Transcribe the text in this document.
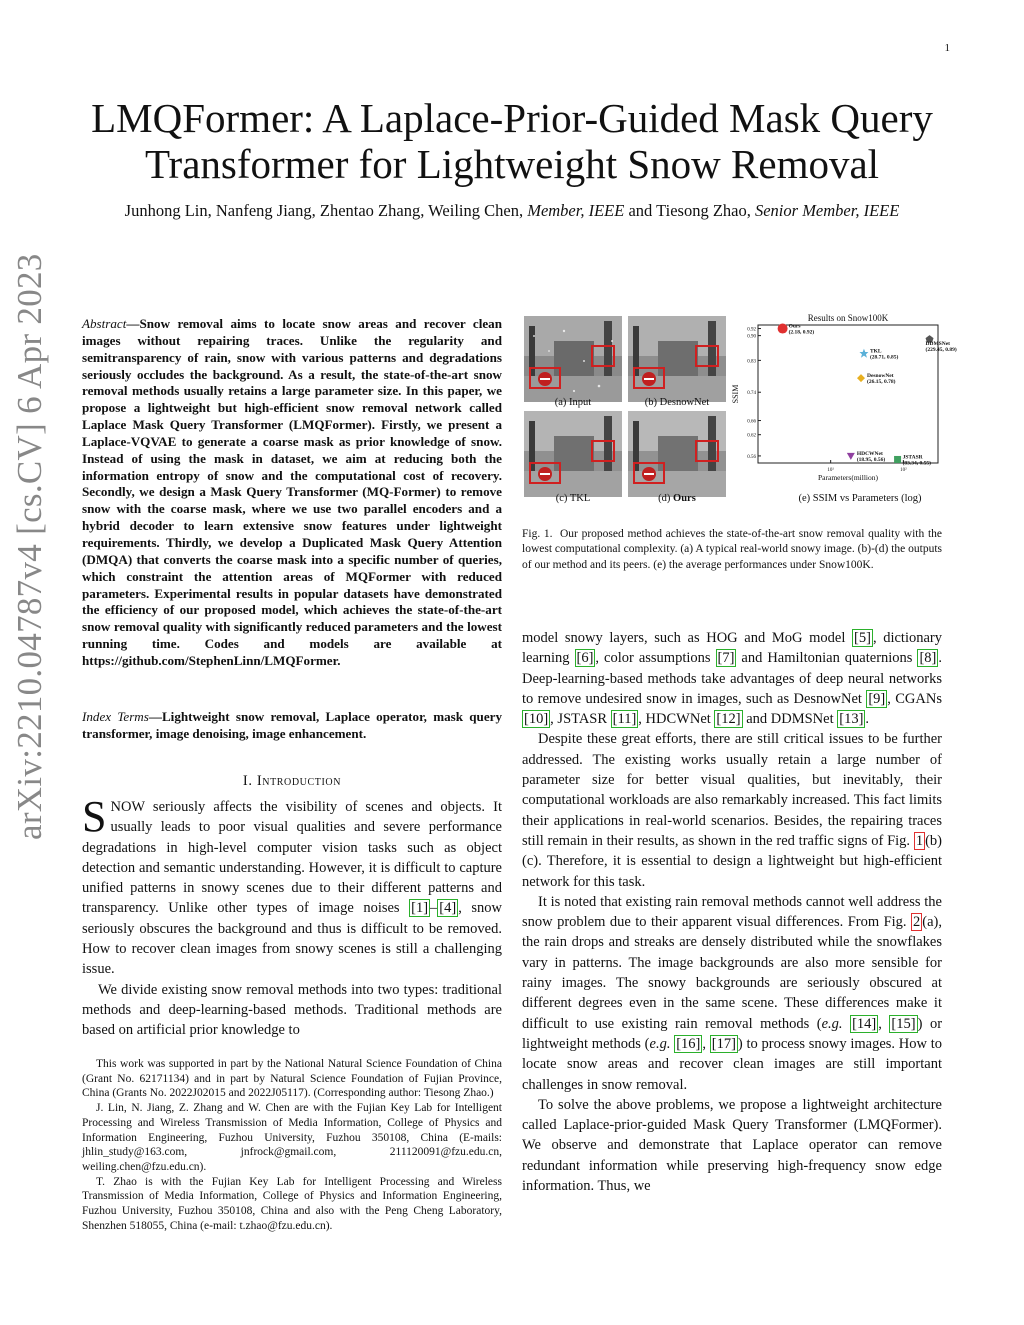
1
arXiv:2210.04787v4 [cs.CV] 6 Apr 2023
LMQFormer: A Laplace-Prior-Guided Mask Query
Transformer for Lightweight Snow Removal
Junhong Lin, Nanfeng Jiang, Zhentao Zhang, Weiling Chen, Member, IEEE and Tiesong Zhao, Senior Member, IEEE
Abstract—Snow removal aims to locate snow areas and recover clean images without repairing traces. Unlike the regularity and semitransparency of rain, snow with various patterns and degradations seriously occludes the background. As a result, the state-of-the-art snow removal methods usually retains a large parameter size. In this paper, we propose a lightweight but high-efficient snow removal network called Laplace Mask Query Transformer (LMQFormer). Firstly, we present a Laplace-VQVAE to generate a coarse mask as prior knowledge of snow. Instead of using the mask in dataset, we aim at reducing both the information entropy of snow and the computational cost of recovery. Secondly, we design a Mask Query Transformer (MQ-Former) to remove snow with the coarse mask, where we use two parallel encoders and a hybrid decoder to learn extensive snow features under lightweight requirements. Thirdly, we develop a Duplicated Mask Query Attention (DMQA) that converts the coarse mask into a specific number of queries, which constraint the attention areas of MQFormer with reduced parameters. Experimental results in popular datasets have demonstrated the efficiency of our proposed model, which achieves the state-of-the-art snow removal quality with significantly reduced parameters and the lowest running time. Codes and models are available at https://github.com/StephenLinn/LMQFormer.
Index Terms—Lightweight snow removal, Laplace operator, mask query transformer, image denoising, image enhancement.
I. Introduction

SNOW seriously affects the visibility of scenes and objects. It usually leads to poor visual qualities and severe performance degradations in high-level computer vision tasks such as object detection and semantic understanding. However, it is difficult to capture unified patterns in snowy scenes due to their different patterns and transparency. Unlike other types of image noises [1] – [4] , snow seriously obscures the background and thus is difficult to be removed. How to recover clean images from snowy scenes is still a challenging issue.

We divide existing snow removal methods into two types: traditional methods and deep-learning-based methods. Traditional methods are based on artificial prior knowledge to

This work was supported in part by the National Natural Science Foundation of China (Grant No. 62171134) and in part by Natural Science Foundation of Fujian Province, China (Grants No. 2022J02015 and 2022J05117). (Corresponding author: Tiesong Zhao.)

J. Lin, N. Jiang, Z. Zhang and W. Chen are with the Fujian Key Lab for Intelligent Processing and Wireless Transmission of Media Information, College of Physics and Information Engineering, Fuzhou University, Fuzhou 350108, China (E-mails: jhlin_study@163.com, jnfrock@gmail.com, 211120091@fzu.edu.cn, weiling.chen@fzu.edu.cn).

T. Zhao is with the Fujian Key Lab for Intelligent Processing and Wireless Transmission of Media Information, College of Physics and Information Engineering, Fuzhou University, Fuzhou 350108, China and also with the Peng Cheng Laboratory, Shenzhen 518055, China (e-mail: t.zhao@fzu.edu.cn).

(a) Input	(b) DesnowNet
(c) TKL	(d) Ours
Results on Snow100K
0.92
0.90
0.83
0.74
0.66
0.62
0.56
10¹	10²
Parameters(million)
SSIM
Ours
(2.18, 0.92)
TKL
(28.71, 0.85)
DDMSNet
(229.45, 0.89)
DesnowNet
(26.15, 0.78)
HDCWNet
(18.95, 0.56)	JSTASR
(83.34, 0.55)
(e) SSIM vs Parameters (log)
Fig. 1. Our proposed method achieves the state-of-the-art snow removal quality with the lowest computational complexity. (a) A typical real-world snowy image. (b)-(d) the outputs of our method and its peers. (e) the average performances under Snow100K.

model snowy layers, such as HOG and MoG model [5] , dictionary learning [6] , color assumptions [7] and Hamiltonian quaternions [8] . Deep-learning-based methods take advantages of deep neural networks to remove undesired snow in images, such as DesnowNet [9] , CGANs [10] , JSTASR [11] , HDCWNet [12] and DDMSNet [13] .

Despite these great efforts, there are still critical issues to be further addressed. The existing works usually retain a large number of parameter size for better visual qualities, but inevitably, their computational workloads are also remarkably increased. This fact limits their applications in real-world scenarios. Besides, the repairing traces still remain in their results, as shown in the red traffic signs of Fig. 1 (b)(c). Therefore, it is essential to design a lightweight but high-efficient network for this task.

It is noted that existing rain removal methods cannot well address the snow problem due to their apparent visual differences. From Fig. 2 (a), the rain drops and streaks are densely distributed while the snowflakes vary in patterns. The image backgrounds are also more sensible for rainy images. The snowy backgrounds are seriously obscured at different degrees even in the same scene. These differences make it difficult to use existing rain removal methods (e.g. [14] , [15] ) or lightweight methods (e.g. [16] , [17] ) to process snowy images. How to locate snow areas and recover clean images are still important challenges in snow removal.

To solve the above problems, we propose a lightweight architecture called Laplace-prior-guided Mask Query Transformer (LMQFormer). We observe and demonstrate that Laplace operator can remove redundant information while preserving high-frequency snow edge information. Thus, we
